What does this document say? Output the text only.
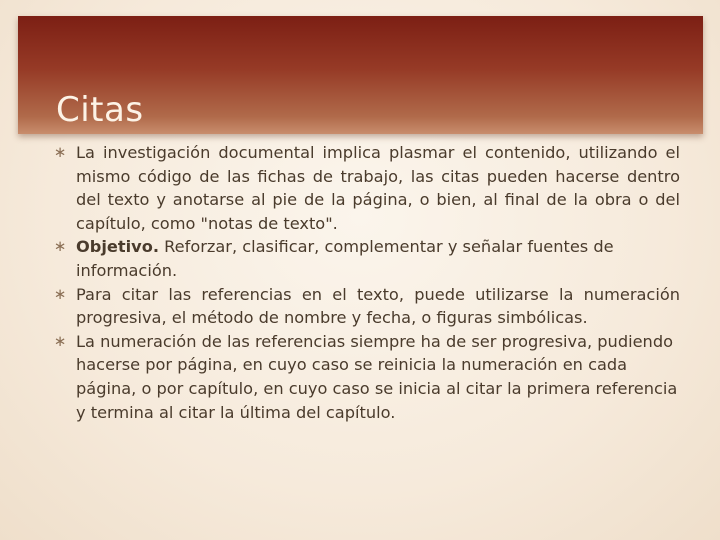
Citas
∗ La investigación documental implica plasmar el contenido, utilizando el mismo código de las fichas de trabajo, las citas pueden hacerse dentro del texto y anotarse al pie de la página, o bien, al final de la obra o del capítulo, como "notas de texto".
∗ Objetivo. Reforzar, clasificar, complementar y señalar fuentes de información.
∗ Para citar las referencias en el texto, puede utilizarse la numeración progresiva, el método de nombre y fecha, o figuras simbólicas.
∗ La numeración de las referencias siempre ha de ser progresiva, pudiendo hacerse por página, en cuyo caso se reinicia la numeración en cada página, o por capítulo, en cuyo caso se inicia al citar la primera referencia y termina al citar la última del capítulo.
